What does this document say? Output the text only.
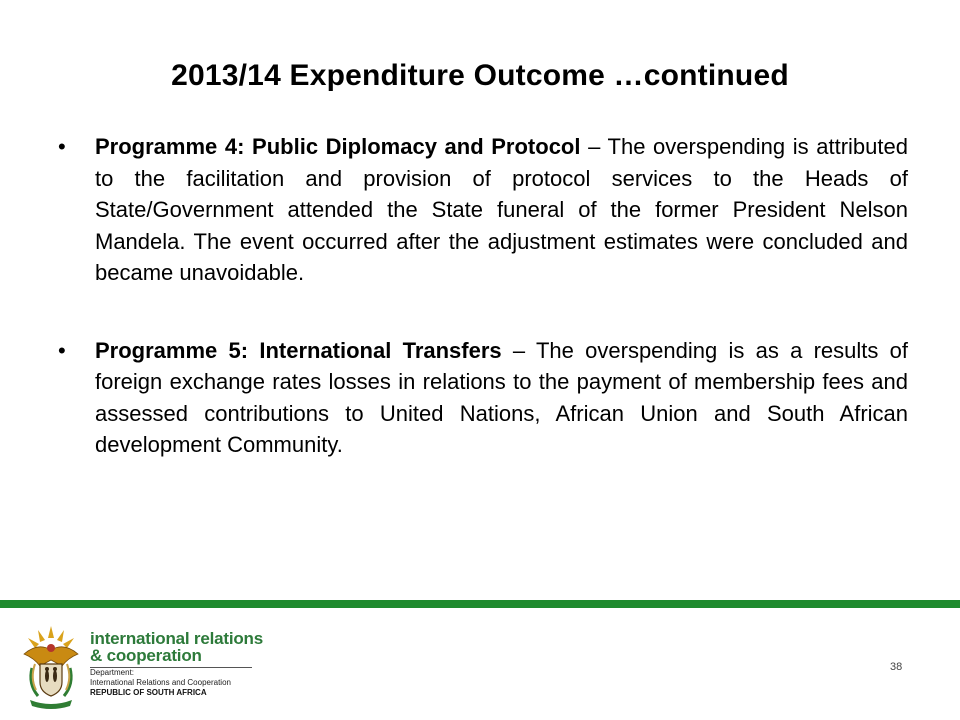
2013/14 Expenditure Outcome …continued
•	Programme 4: Public Diplomacy and Protocol – The overspending is attributed to the facilitation and provision of protocol services to the Heads of State/Government attended the State funeral of the former President Nelson Mandela. The event occurred after the adjustment estimates were concluded and became unavoidable.
•	Programme 5: International Transfers – The overspending is as a results of foreign exchange rates losses in relations to the payment of membership fees and assessed contributions to United Nations, African Union and South African development Community.
international relations
& cooperation
Department:
International Relations and Cooperation
REPUBLIC OF SOUTH AFRICA
38
